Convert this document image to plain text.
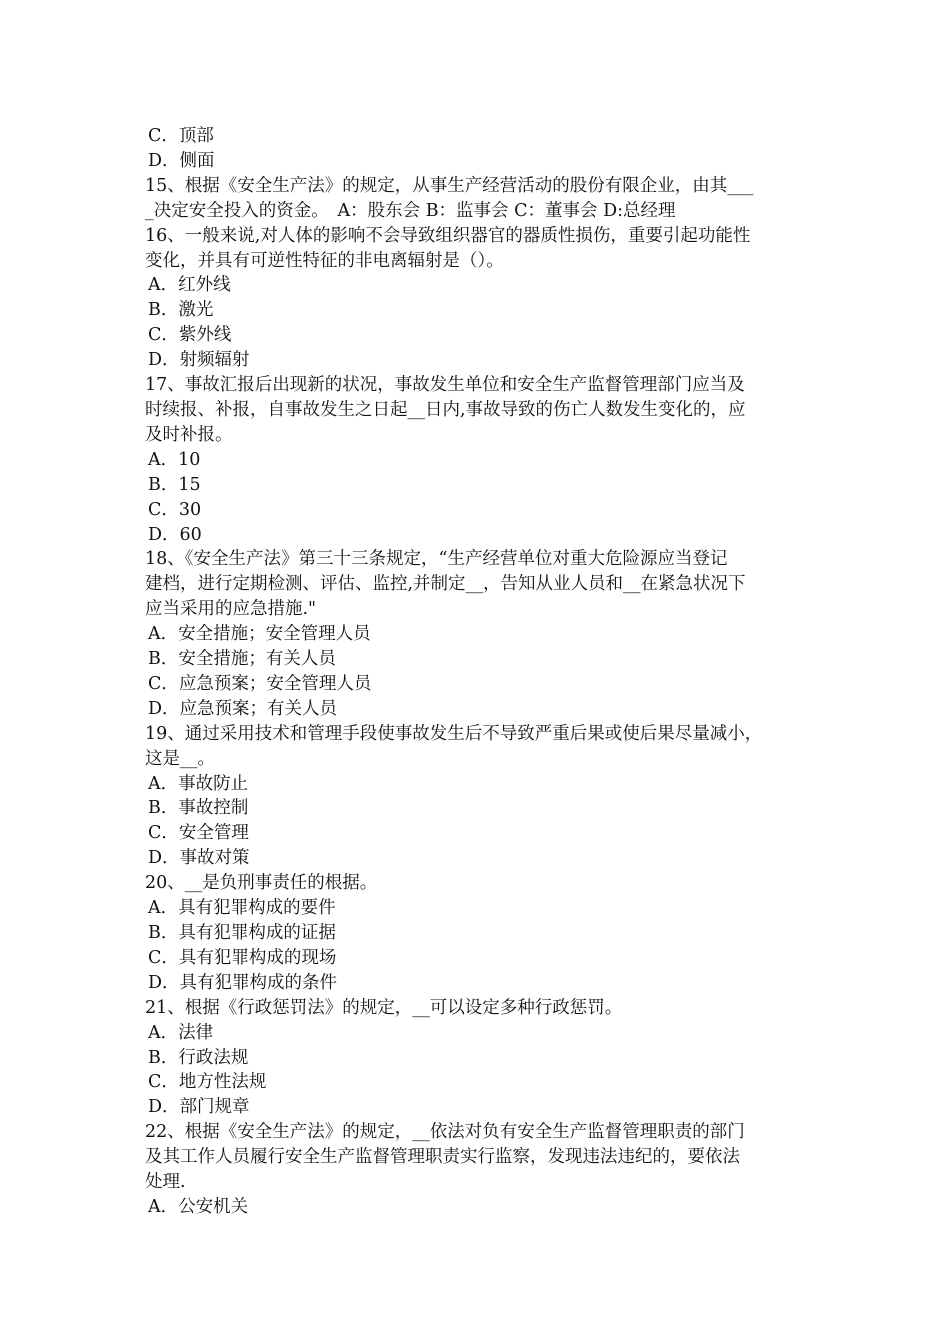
C．顶部
D．侧面
15、根据《安全生产法》的规定，从事生产经营活动的股份有限企业，由其___
_决定安全投入的资金。　A：股东会 B：监事会 C：董事会 D:总经理
16、一般来说,对人体的影响不会导致组织器官的器质性损伤，重要引起功能性
变化，并具有可逆性特征的非电离辐射是（）。
A．红外线
B．激光
C．紫外线
D．射频辐射
17、事故汇报后出现新的状况，事故发生单位和安全生产监督管理部门应当及
时续报、补报，自事故发生之日起__日内,事故导致的伤亡人数发生变化的，应
及时补报。
A．10
B．15
C．30
D．60
18、《安全生产法》第三十三条规定，“生产经营单位对重大危险源应当登记
建档，进行定期检测、评估、监控,并制定__，告知从业人员和__在紧急状况下
应当采用的应急措施."
A．安全措施；安全管理人员
B．安全措施；有关人员
C．应急预案；安全管理人员
D．应急预案；有关人员
19、通过采用技术和管理手段使事故发生后不导致严重后果或使后果尽量减小，
这是__。
A．事故防止
B．事故控制
C．安全管理
D．事故对策
20、__是负刑事责任的根据。
A．具有犯罪构成的要件
B．具有犯罪构成的证据
C．具有犯罪构成的现场
D．具有犯罪构成的条件
21、根据《行政惩罚法》的规定，__可以设定多种行政惩罚。
A．法律
B．行政法规
C．地方性法规
D．部门规章
22、根据《安全生产法》的规定，__依法对负有安全生产监督管理职责的部门
及其工作人员履行安全生产监督管理职责实行监察，发现违法违纪的，要依法
处理.
A．公安机关
